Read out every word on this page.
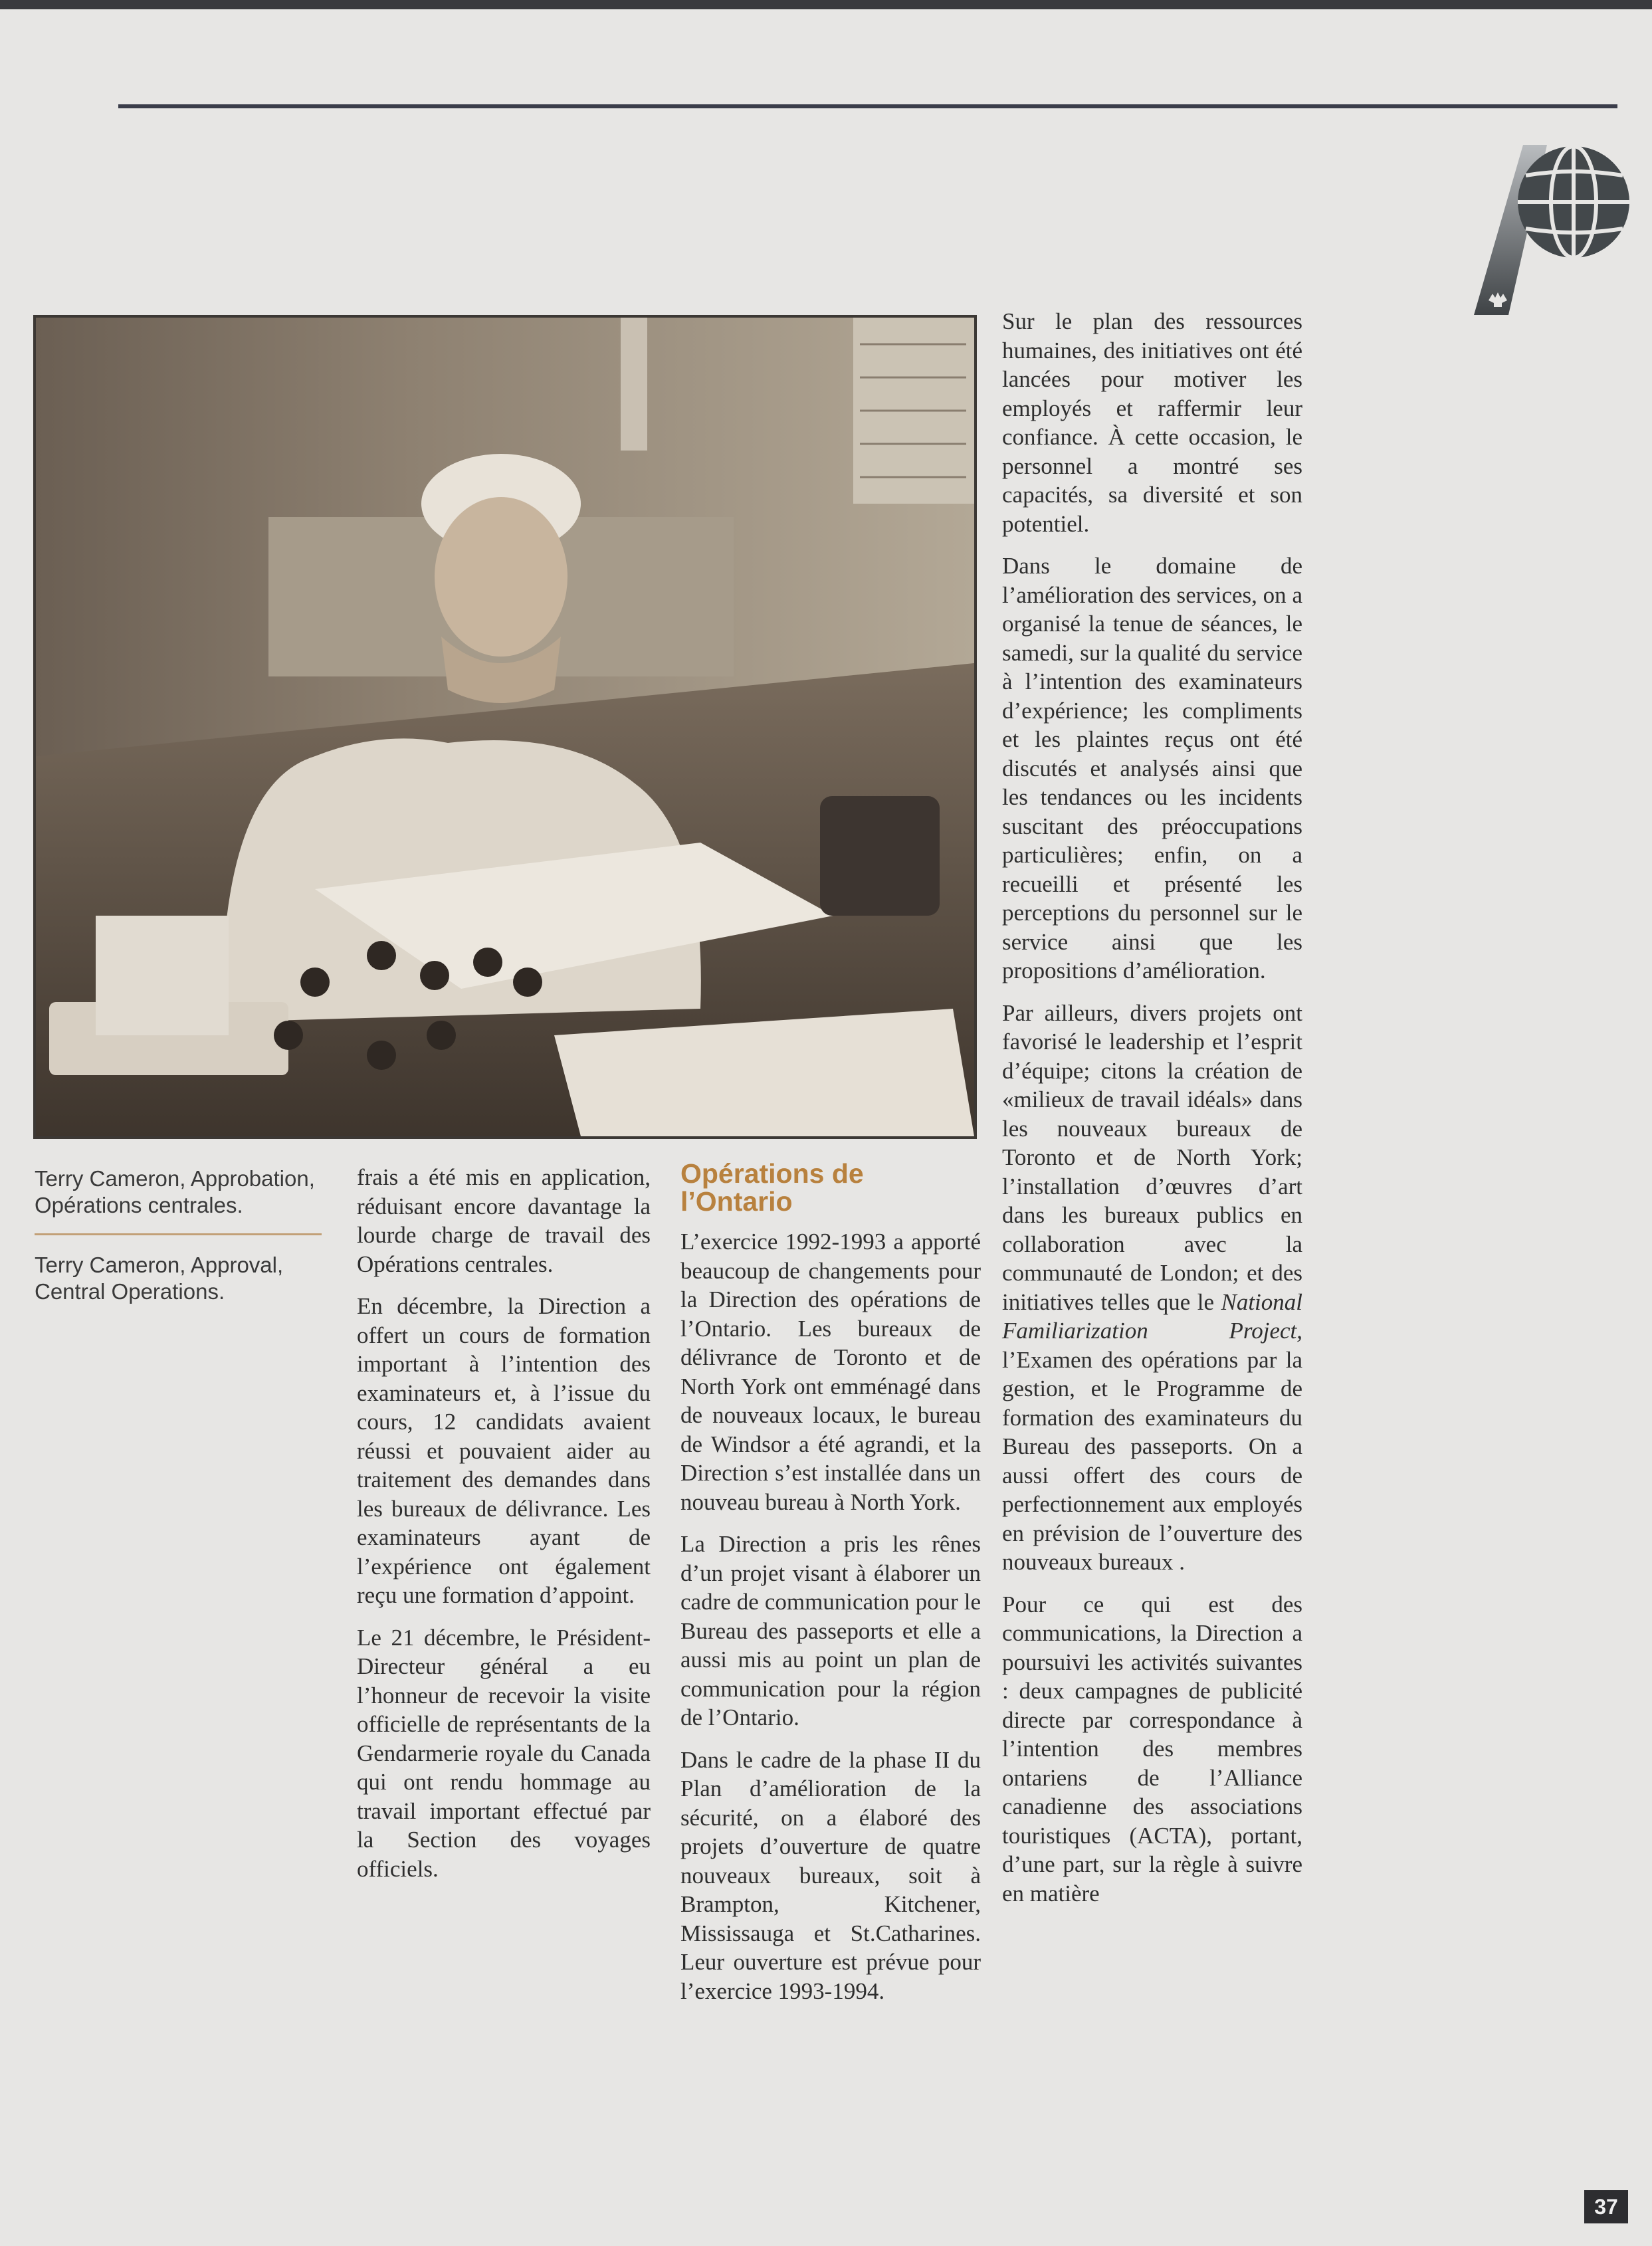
Terry Cameron, Approbation,
Opérations centrales.
Terry Cameron, Approval,
Central Operations.

frais a été mis en application, réduisant encore davantage la lourde charge de travail des Opérations centrales.

En décembre, la Direction a offert un cours de formation important à l’intention des examinateurs et, à l’issue du cours, 12 candidats avaient réussi et pouvaient aider au traitement des demandes dans les bureaux de délivrance. Les examinateurs ayant de l’expérience ont également reçu une formation d’appoint.

Le 21 décembre, le Président-Directeur général a eu l’honneur de recevoir la visite officielle de représentants de la Gendarmerie royale du Canada qui ont rendu hommage au travail important effectué par la Section des voyages officiels.

Opérations de
l’Ontario

L’exercice 1992-1993 a apporté beaucoup de changements pour la Direction des opérations de l’Ontario. Les bureaux de délivrance de Toronto et de North York ont emménagé dans de nouveaux locaux, le bureau de Windsor a été agrandi, et la Direction s’est installée dans un nouveau bureau à North York.

La Direction a pris les rênes d’un projet visant à élaborer un cadre de communication pour le Bureau des passeports et elle a aussi mis au point un plan de communication pour la région de l’Ontario.

Dans le cadre de la phase II du Plan d’amélioration de la sécurité, on a élaboré des projets d’ouverture de quatre nouveaux bureaux, soit à Brampton, Kitchener, Mississauga et St.Catharines. Leur ouverture est prévue pour l’exercice 1993-1994.

Sur le plan des ressources humaines, des initiatives ont été lancées pour motiver les employés et raffermir leur confiance. À cette occasion, le personnel a montré ses capacités, sa diversité et son potentiel.

Dans le domaine de l’amélioration des services, on a organisé la tenue de séances, le samedi, sur la qualité du service à l’intention des examinateurs d’expérience; les compliments et les plaintes reçus ont été discutés et analysés ainsi que les tendances ou les incidents suscitant des préoccupations particulières; enfin, on a recueilli et présenté les perceptions du personnel sur le service ainsi que les propositions d’amélioration.

Par ailleurs, divers projets ont favorisé le leadership et l’esprit d’équipe; citons la création de «milieux de travail idéals» dans les nouveaux bureaux de Toronto et de North York; l’installation d’œuvres d’art dans les bureaux publics en collaboration avec la communauté de London; et des initiatives telles que le National Familiarization Project, l’Examen des opérations par la gestion, et le Programme de formation des examinateurs du Bureau des passeports. On a aussi offert des cours de perfectionnement aux employés en prévision de l’ouverture des nouveaux bureaux .

Pour ce qui est des communications, la Direction a poursuivi les activités suivantes : deux campagnes de publicité directe par correspondance à l’intention des membres ontariens de l’Alliance canadienne des associations touristiques (ACTA), portant, d’une part, sur la règle à suivre en matière

37
